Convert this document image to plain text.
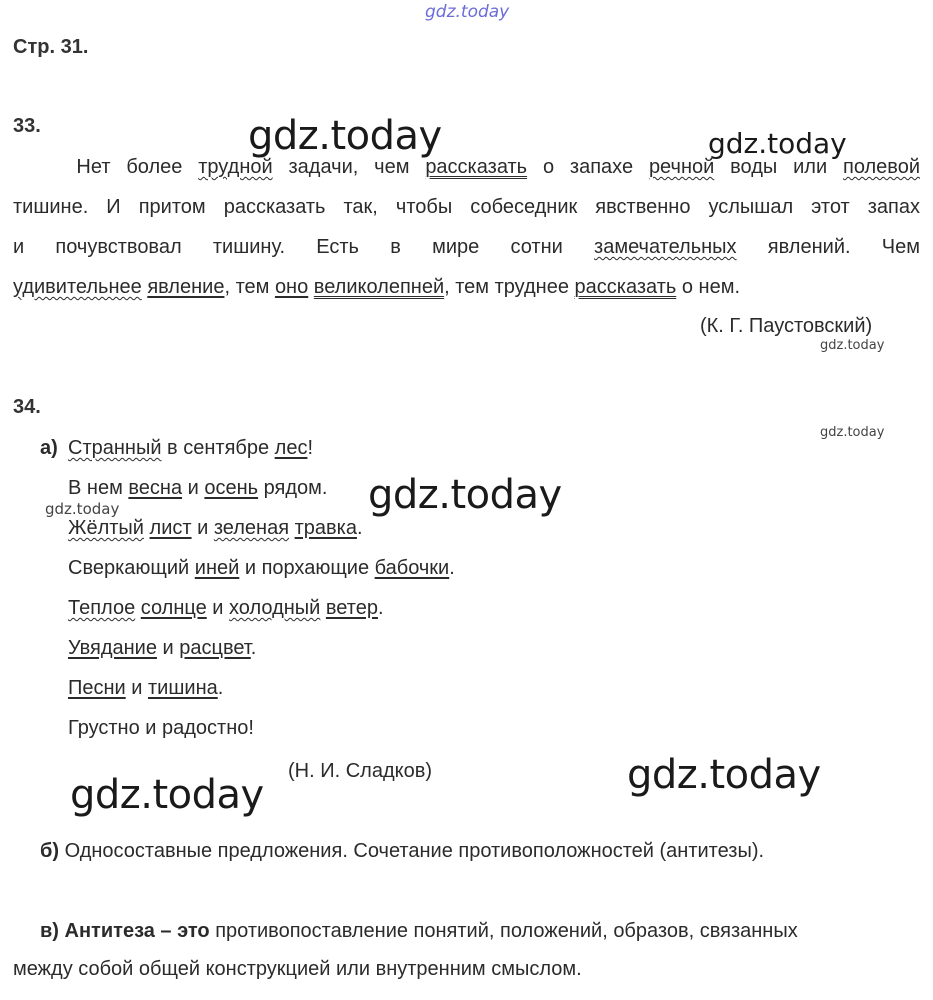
gdz.today
gdz.today	gdz.today
gdz.today
gdz.today
gdz.today
gdz.today
gdz.today
gdz.today
Стр. 31.
33.
Нет более трудной задачи, чем рассказать о запахе речной воды или полевой
тишине. И притом рассказать так, чтобы собеседник явственно услышал этот запах
и почувствовал тишину. Есть в мире сотни замечательных явлений. Чем
удивительнее явление, тем оно великолепней, тем труднее рассказать о нем.
(К. Г. Паустовский)
34.
а) Странный в сентябре лес!
В нем весна и осень рядом.
Жёлтый лист и зеленая травка.
Сверкающий иней и порхающие бабочки.
Теплое солнце и холодный ветер.
Увядание и расцвет.
Песни и тишина.
Грустно и радостно!
(Н. И. Сладков)
б) Односоставные предложения. Сочетание противоположностей (антитезы).
в) Антитеза – это противопоставление понятий, положений, образов, связанных
между собой общей конструкцией или внутренним смыслом.
